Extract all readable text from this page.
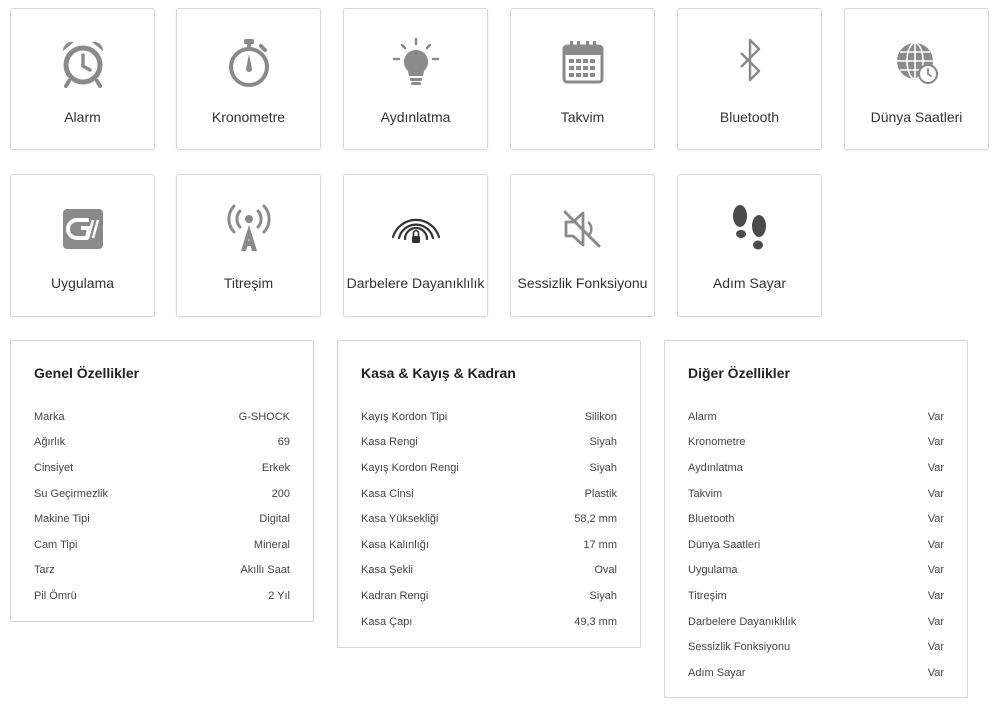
Alarm	Kronometre	Aydınlatma	Takvim	Bluetooth	Dünya Saatleri
Uygulama	Titreşim	Darbelere Dayanıklılık	Sessizlik Fonksiyonu	Adım Sayar
Genel Özellikler
Marka	G-SHOCK
Ağırlık	69
Cinsiyet	Erkek
Su Geçirmezlik	200
Makine Tipi	Digital
Cam Tipi	Mineral
Tarz	Akıllı Saat
Pil Ömrü	2 Yıl
Kasa & Kayış & Kadran
Kayış Kordon Tipi	Silikon
Kasa Rengi	Siyah
Kayış Kordon Rengi	Siyah
Kasa Cinsi	Plastik
Kasa Yüksekliği	58,2 mm
Kasa Kalınlığı	17 mm
Kasa Şekli	Oval
Kadran Rengi	Siyah
Kasa Çapı	49,3 mm
Diğer Özellikler
Alarm	Var
Kronometre	Var
Aydınlatma	Var
Takvim	Var
Bluetooth	Var
Dünya Saatleri	Var
Uygulama	Var
Titreşim	Var
Darbelere Dayanıklılık	Var
Sessizlik Fonksiyonu	Var
Adım Sayar	Var
